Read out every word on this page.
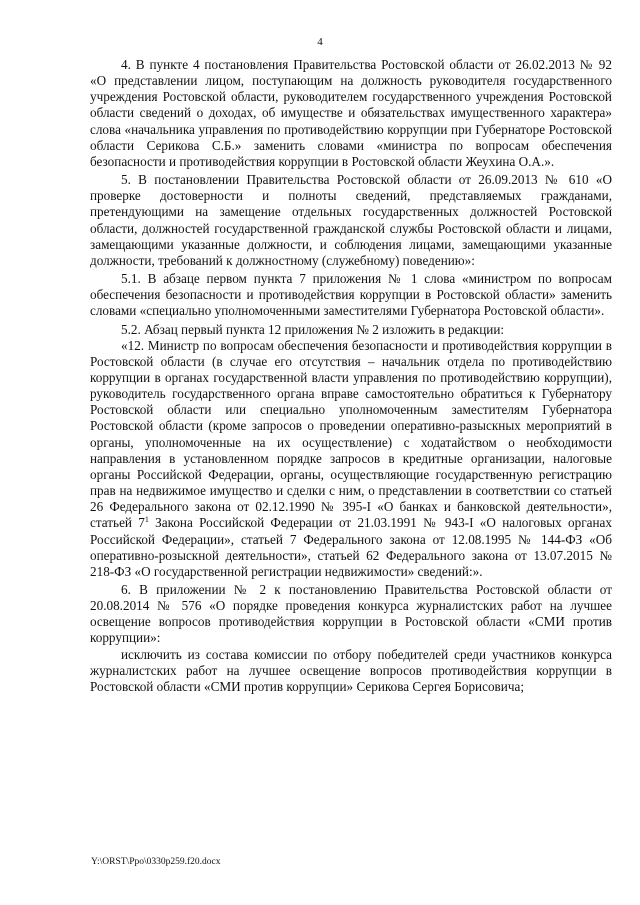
4

4. В пункте 4 постановления Правительства Ростовской области от 26.02.2013 № 92 «О представлении лицом, поступающим на должность руководителя государственного учреждения Ростовской области, руководителем государственного учреждения Ростовской области сведений о доходах, об имуществе и обязательствах имущественного характера» слова «начальника управления по противодействию коррупции при Губернаторе Ростовской области Серикова С.Б.» заменить словами «министра по вопросам обеспечения безопасности и противодействия коррупции в Ростовской области Жеухина О.А.».

5. В постановлении Правительства Ростовской области от 26.09.2013 № 610 «О проверке достоверности и полноты сведений, представляемых гражданами, претендующими на замещение отдельных государственных должностей Ростовской области, должностей государственной гражданской службы Ростовской области и лицами, замещающими указанные должности, и соблюдения лицами, замещающими указанные должности, требований к должностному (служебному) поведению»:

5.1. В абзаце первом пункта 7 приложения № 1 слова «министром по вопросам обеспечения безопасности и противодействия коррупции в Ростовской области» заменить словами «специально уполномоченными заместителями Губернатора Ростовской области».

5.2. Абзац первый пункта 12 приложения № 2 изложить в редакции:

«12. Министр по вопросам обеспечения безопасности и противодействия коррупции в Ростовской области (в случае его отсутствия – начальник отдела по противодействию коррупции в органах государственной власти управления по противодействию коррупции), руководитель государственного органа вправе самостоятельно обратиться к Губернатору Ростовской области или специально уполномоченным заместителям Губернатора Ростовской области (кроме запросов о проведении оперативно-разыскных мероприятий в органы, уполномоченные на их осуществление) с ходатайством о необходимости направления в установленном порядке запросов в кредитные организации, налоговые органы Российской Федерации, органы, осуществляющие государственную регистрацию прав на недвижимое имущество и сделки с ним, о представлении в соответствии со статьей 26 Федерального закона от 02.12.1990 № 395-I «О банках и банковской деятельности», статьей $7^1$ Закона Российской Федерации от 21.03.1991 № 943-I «О налоговых органах Российской Федерации», статьей 7 Федерального закона от 12.08.1995 № 144-ФЗ «Об оперативно-розыскной деятельности», статьей 62 Федерального закона от 13.07.2015 № 218-ФЗ «О государственной регистрации недвижимости» сведений:».

6. В приложении № 2 к постановлению Правительства Ростовской области от 20.08.2014 № 576 «О порядке проведения конкурса журналистских работ на лучшее освещение вопросов противодействия коррупции в Ростовской области «СМИ против коррупции»:

исключить из состава комиссии по отбору победителей среди участников конкурса журналистских работ на лучшее освещение вопросов противодействия коррупции в Ростовской области «СМИ против коррупции» Серикова Сергея Борисовича;

Y:\ORST\Ppo\0330p259.f20.docx
